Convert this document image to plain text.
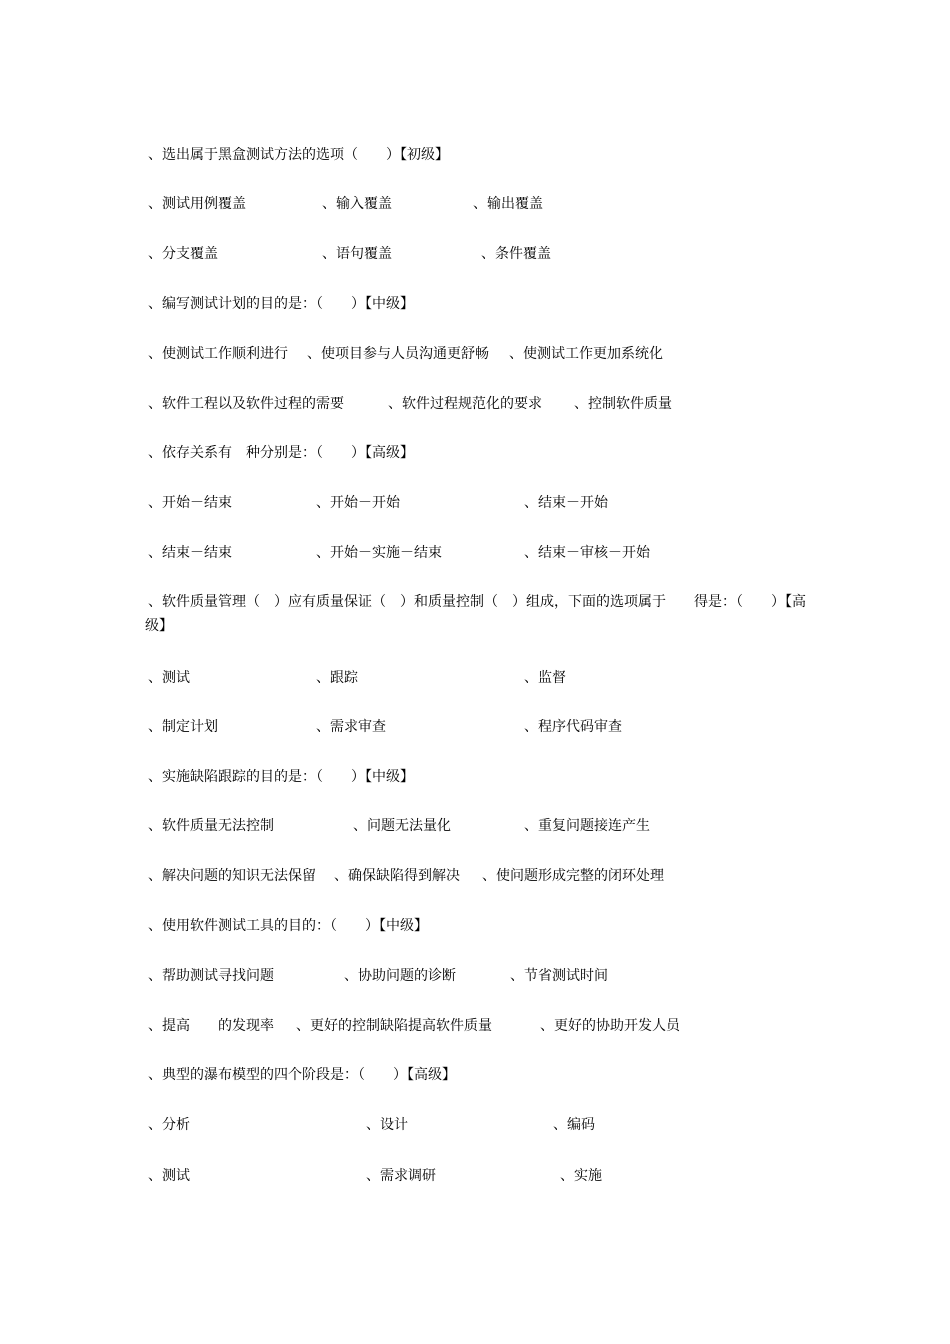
、选出属于黑盒测试方法的选项（　　）【初级】
、测试用例覆盖	、输入覆盖	、输出覆盖
、分支覆盖	、语句覆盖	、条件覆盖
、编写测试计划的目的是：（　　）【中级】
、使测试工作顺利进行 、使项目参与人员沟通更舒畅 、使测试工作更加系统化
、软件工程以及软件过程的需要	、软件过程规范化的要求 、控制软件质量
、依存关系有　种分别是：（　　）【高级】
、开始－结束	、开始－开始	、结束－开始
、结束－结束	、开始－实施－结束	、结束－审核－开始
、软件质量管理（　）应有质量保证（　）和质量控制（　）组成，下面的选项属于　　得是：（　　）【高级】
、测试	、跟踪	、监督
、制定计划	、需求审查	、程序代码审查
、实施缺陷跟踪的目的是：（　　）【中级】
、软件质量无法控制	、问题无法量化	、重复问题接连产生
、解决问题的知识无法保留 、确保缺陷得到解决 、使问题形成完整的闭环处理
、使用软件测试工具的目的：（　　）【中级】
、帮助测试寻找问题	、协助问题的诊断	、节省测试时间
、提高　　的发现率 、更好的控制缺陷提高软件质量	、更好的协助开发人员
、典型的瀑布模型的四个阶段是：（　　）【高级】
、分析	、设计	、编码
、测试	、需求调研	、实施
